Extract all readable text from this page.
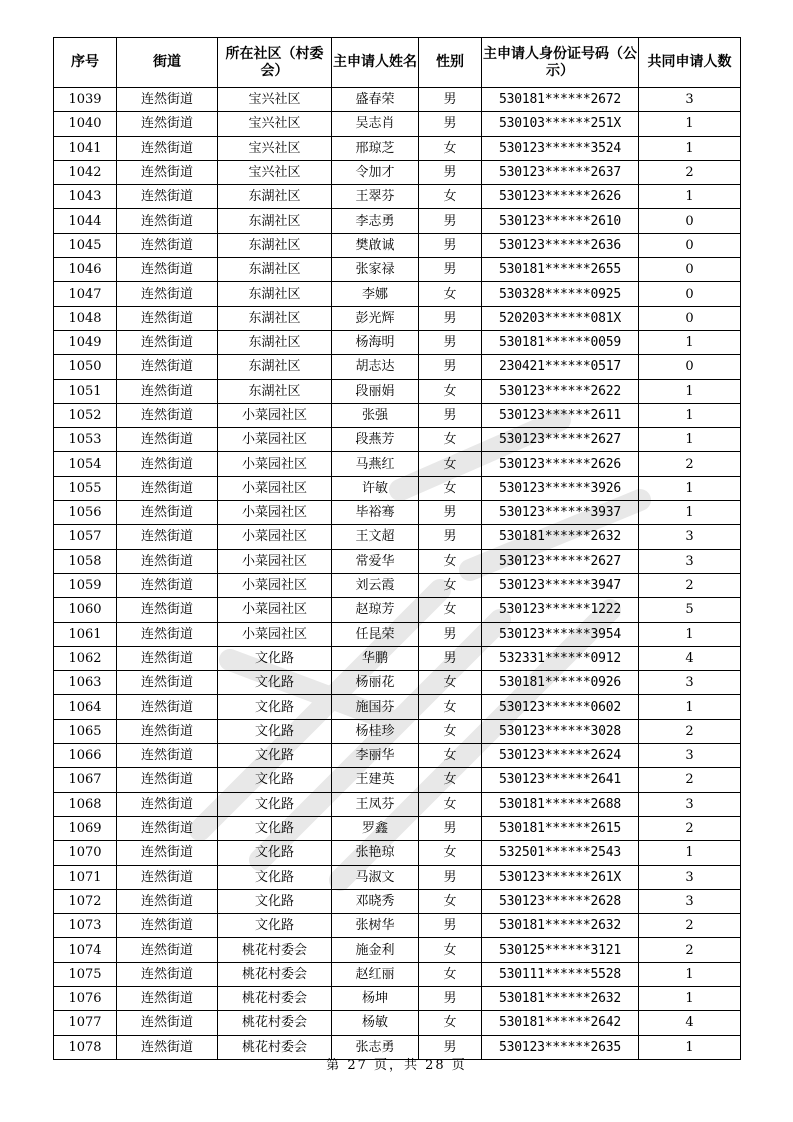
序号	街道	所在社区（村委会）	主申请人姓名	性别	主申请人身份证号码（公示）	共同申请人数
1039	连然街道	宝兴社区	盛春荣	男	530181******2672	3
1040	连然街道	宝兴社区	吴志肖	男	530103******251X	1
1041	连然街道	宝兴社区	邢琼芝	女	530123******3524	1
1042	连然街道	宝兴社区	令加才	男	530123******2637	2
1043	连然街道	东湖社区	王翠芬	女	530123******2626	1
1044	连然街道	东湖社区	李志勇	男	530123******2610	0
1045	连然街道	东湖社区	樊啟诚	男	530123******2636	0
1046	连然街道	东湖社区	张家禄	男	530181******2655	0
1047	连然街道	东湖社区	李娜	女	530328******0925	0
1048	连然街道	东湖社区	彭光辉	男	520203******081X	0
1049	连然街道	东湖社区	杨海明	男	530181******0059	1
1050	连然街道	东湖社区	胡志达	男	230421******0517	0
1051	连然街道	东湖社区	段丽娟	女	530123******2622	1
1052	连然街道	小菜园社区	张强	男	530123******2611	1
1053	连然街道	小菜园社区	段燕芳	女	530123******2627	1
1054	连然街道	小菜园社区	马燕红	女	530123******2626	2
1055	连然街道	小菜园社区	许敏	女	530123******3926	1
1056	连然街道	小菜园社区	毕裕骞	男	530123******3937	1
1057	连然街道	小菜园社区	王文超	男	530181******2632	3
1058	连然街道	小菜园社区	常爱华	女	530123******2627	3
1059	连然街道	小菜园社区	刘云霞	女	530123******3947	2
1060	连然街道	小菜园社区	赵琼芳	女	530123******1222	5
1061	连然街道	小菜园社区	任昆荣	男	530123******3954	1
1062	连然街道	文化路	华鹏	男	532331******0912	4
1063	连然街道	文化路	杨丽花	女	530181******0926	3
1064	连然街道	文化路	施国芬	女	530123******0602	1
1065	连然街道	文化路	杨桂珍	女	530123******3028	2
1066	连然街道	文化路	李丽华	女	530123******2624	3
1067	连然街道	文化路	王建英	女	530123******2641	2
1068	连然街道	文化路	王凤芬	女	530181******2688	3
1069	连然街道	文化路	罗鑫	男	530181******2615	2
1070	连然街道	文化路	张艳琼	女	532501******2543	1
1071	连然街道	文化路	马淑文	男	530123******261X	3
1072	连然街道	文化路	邓晓秀	女	530123******2628	3
1073	连然街道	文化路	张树华	男	530181******2632	2
1074	连然街道	桃花村委会	施金利	女	530125******3121	2
1075	连然街道	桃花村委会	赵红丽	女	530111******5528	1
1076	连然街道	桃花村委会	杨坤	男	530181******2632	1
1077	连然街道	桃花村委会	杨敏	女	530181******2642	4
1078	连然街道	桃花村委会	张志勇	男	530123******2635	1
第 27 页，共 28 页
